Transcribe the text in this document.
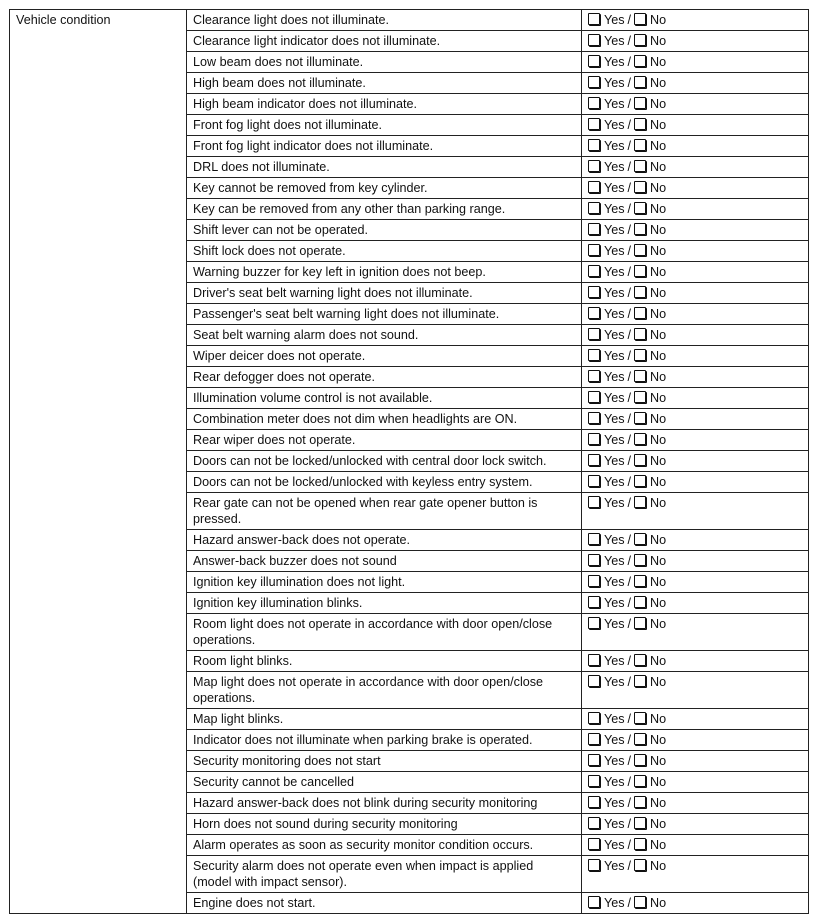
Vehicle condition	Clearance light does not illuminate.	Yes / No
	Clearance light indicator does not illuminate.	Yes / No
	Low beam does not illuminate.	Yes / No
	High beam does not illuminate.	Yes / No
	High beam indicator does not illuminate.	Yes / No
	Front fog light does not illuminate.	Yes / No
	Front fog light indicator does not illuminate.	Yes / No
	DRL does not illuminate.	Yes / No
	Key cannot be removed from key cylinder.	Yes / No
	Key can be removed from any other than parking range.	Yes / No
	Shift lever can not be operated.	Yes / No
	Shift lock does not operate.	Yes / No
	Warning buzzer for key left in ignition does not beep.	Yes / No
	Driver's seat belt warning light does not illuminate.	Yes / No
	Passenger's seat belt warning light does not illuminate.	Yes / No
	Seat belt warning alarm does not sound.	Yes / No
	Wiper deicer does not operate.	Yes / No
	Rear defogger does not operate.	Yes / No
	Illumination volume control is not available.	Yes / No
	Combination meter does not dim when headlights are ON.	Yes / No
	Rear wiper does not operate.	Yes / No
	Doors can not be locked/unlocked with central door lock switch.	Yes / No
	Doors can not be locked/unlocked with keyless entry system.	Yes / No
	Rear gate can not be opened when rear gate opener button is pressed.	Yes / No
	Hazard answer-back does not operate.	Yes / No
	Answer-back buzzer does not sound	Yes / No
	Ignition key illumination does not light.	Yes / No
	Ignition key illumination blinks.	Yes / No
	Room light does not operate in accordance with door open/close operations.	Yes / No
	Room light blinks.	Yes / No
	Map light does not operate in accordance with door open/close operations.	Yes / No
	Map light blinks.	Yes / No
	Indicator does not illuminate when parking brake is operated.	Yes / No
	Security monitoring does not start	Yes / No
	Security cannot be cancelled	Yes / No
	Hazard answer-back does not blink during security monitoring	Yes / No
	Horn does not sound during security monitoring	Yes / No
	Alarm operates as soon as security monitor condition occurs.	Yes / No
	Security alarm does not operate even when impact is applied (model with impact sensor).	Yes / No
	Engine does not start.	Yes / No
